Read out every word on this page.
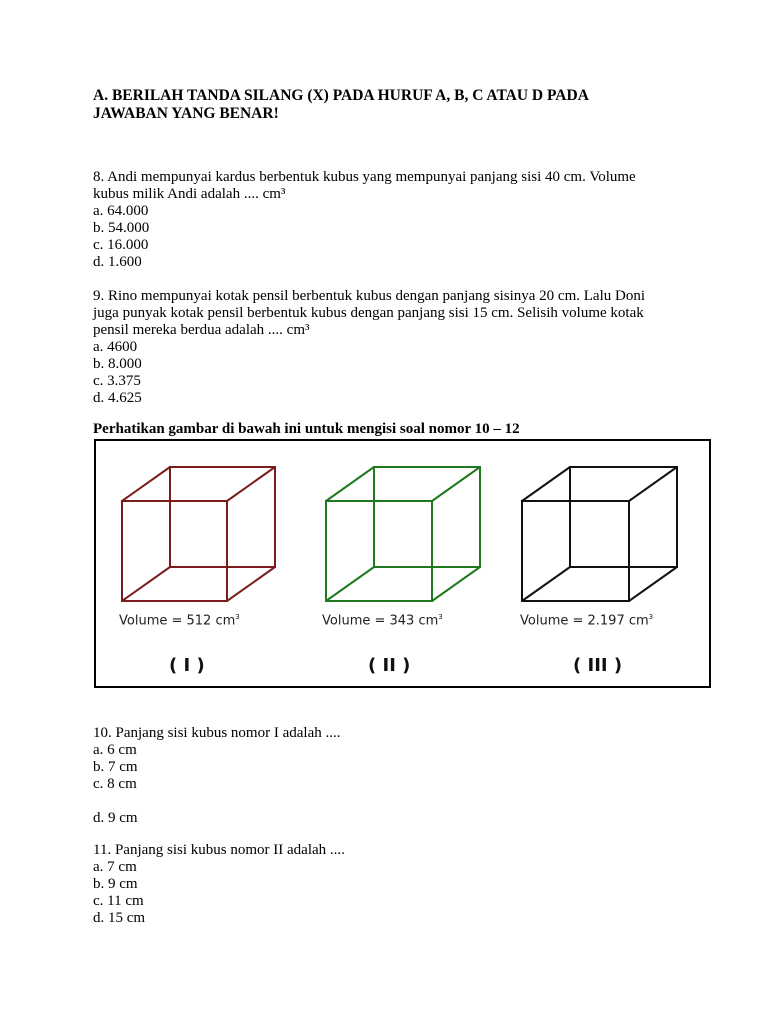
A. BERILAH TANDA SILANG (X) PADA HURUF A, B, C ATAU D PADA JAWABAN YANG BENAR!

8. Andi mempunyai kardus berbentuk kubus yang mempunyai panjang sisi 40 cm. Volume
kubus milik Andi adalah .... cm³
a. 64.000
b. 54.000
c. 16.000
d. 1.600
9. Rino mempunyai kotak pensil berbentuk kubus dengan panjang sisinya 20 cm. Lalu Doni
juga punyak kotak pensil berbentuk kubus dengan panjang sisi 15 cm. Selisih volume kotak
pensil mereka berdua adalah .... cm³
a. 4600
b. 8.000
c. 3.375
d. 4.625
Perhatikan gambar di bawah ini untuk mengisi soal nomor 10 – 12
Volume = 512 $cm^3$	Volume = 343 $cm^3$	Volume = 2.197 $cm^3$
( I )	( II )	( III )
10. Panjang sisi kubus nomor I adalah ....
a. 6 cm
b. 7 cm
c. 8 cm
d. 9 cm
11. Panjang sisi kubus nomor II adalah ....
a. 7 cm
b. 9 cm
c. 11 cm
d. 15 cm
